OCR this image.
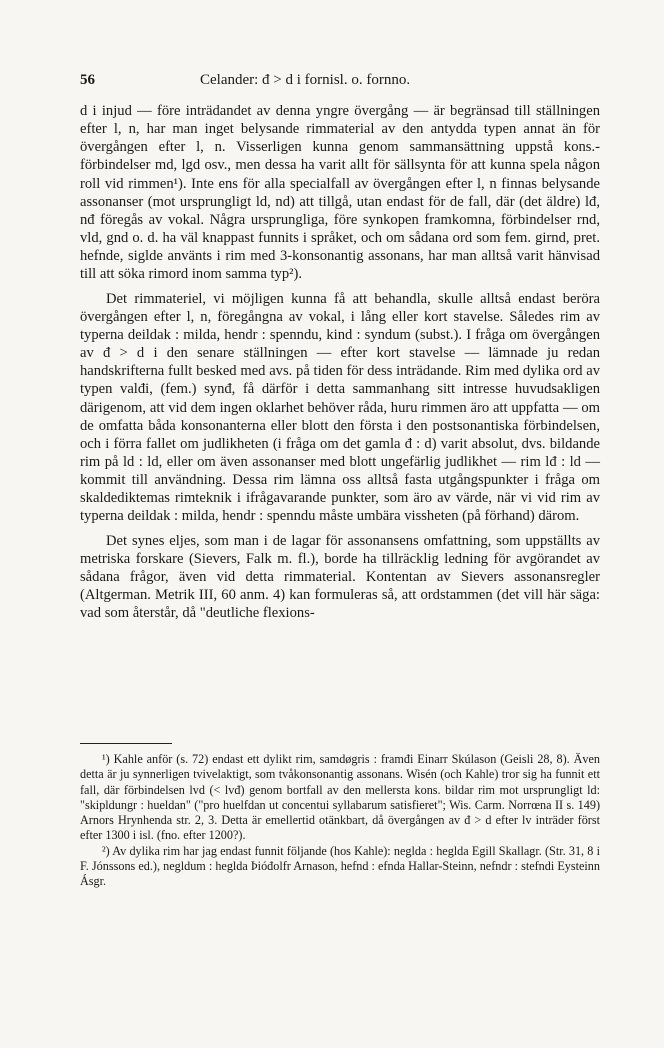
56	Celander: đ > d i fornisl. o. fornno.

d i injud — före inträdandet av denna yngre övergång — är begränsad till ställningen efter l, n, har man inget belysande rimmaterial av den antydda typen annat än för övergången efter l, n. Visserligen kunna genom sammansättning uppstå kons.-förbindelser md, lgd osv., men dessa ha varit allt för sällsynta för att kunna spela någon roll vid rimmen¹). Inte ens för alla specialfall av övergången efter l, n finnas belysande assonanser (mot ursprungligt ld, nd) att tillgå, utan endast för de fall, där (det äldre) lđ, nđ föregås av vokal. Några ursprungliga, före synkopen framkomna, förbindelser rnd, vld, gnd o. d. ha väl knappast funnits i språket, och om sådana ord som fem. girnd, pret. hefnde, siglde använts i rim med 3-konsonantig assonans, har man alltså varit hänvisad till att söka rimord inom samma typ²).

Det rimmateriel, vi möjligen kunna få att behandla, skulle alltså endast beröra övergången efter l, n, föregångna av vokal, i lång eller kort stavelse. Således rim av typerna deildak : milda, hendr : spenndu, kind : syndum (subst.). I fråga om övergången av đ > d i den senare ställningen — efter kort stavelse — lämnade ju redan handskrifterna fullt besked med avs. på tiden för dess inträdande. Rim med dylika ord av typen valđi, (fem.) synđ, få därför i detta sammanhang sitt intresse huvudsakligen därigenom, att vid dem ingen oklarhet behöver råda, huru rimmen äro att uppfatta — om de omfatta båda konsonanterna eller blott den första i den postsonantiska förbindelsen, och i förra fallet om judlikheten (i fråga om det gamla đ : d) varit absolut, dvs. bildande rim på ld : ld, eller om även assonanser med blott ungefärlig judlikhet — rim lđ : ld — kommit till användning. Dessa rim lämna oss alltså fasta utgångspunkter i fråga om skaldediktemas rimteknik i ifrågavarande punkter, som äro av värde, när vi vid rim av typerna deildak : milda, hendr : spenndu måste umbära vissheten (på förhand) därom.

Det synes eljes, som man i de lagar för assonansens omfattning, som uppställts av metriska forskare (Sievers, Falk m. fl.), borde ha tillräcklig ledning för avgörandet av sådana frågor, även vid detta rimmaterial. Kontentan av Sievers assonansregler (Altgerman. Metrik III, 60 anm. 4) kan formuleras så, att ordstammen (det vill här säga: vad som återstår, då "deutliche flexions-

¹) Kahle anför (s. 72) endast ett dylikt rim, samdøgris : framđi Einarr Skúlason (Geisli 28, 8). Även detta är ju synnerligen tvivelaktigt, som tvåkonsonantig assonans. Wisén (och Kahle) tror sig ha funnit ett fall, där förbindelsen lvd (< lvđ) genom bortfall av den mellersta kons. bildar rim mot ursprungligt ld: "skipldungr : hueldan" ("pro huelfdan ut concentui syllabarum satisfieret"; Wis. Carm. Norrœna II s. 149) Arnors Hrynhenda str. 2, 3. Detta är emellertid otänkbart, då övergången av đ > d efter lv inträder först efter 1300 i isl. (fno. efter 1200?).

²) Av dylika rim har jag endast funnit följande (hos Kahle): neglda : hegldа Egill Skallagr. (Str. 31, 8 i F. Jónssons ed.), negldum : heglda Þióđolfr Arnason, hefnd : efnda Hallar-Steinn, nefndr : stefndi Eysteinn Ásgr.
